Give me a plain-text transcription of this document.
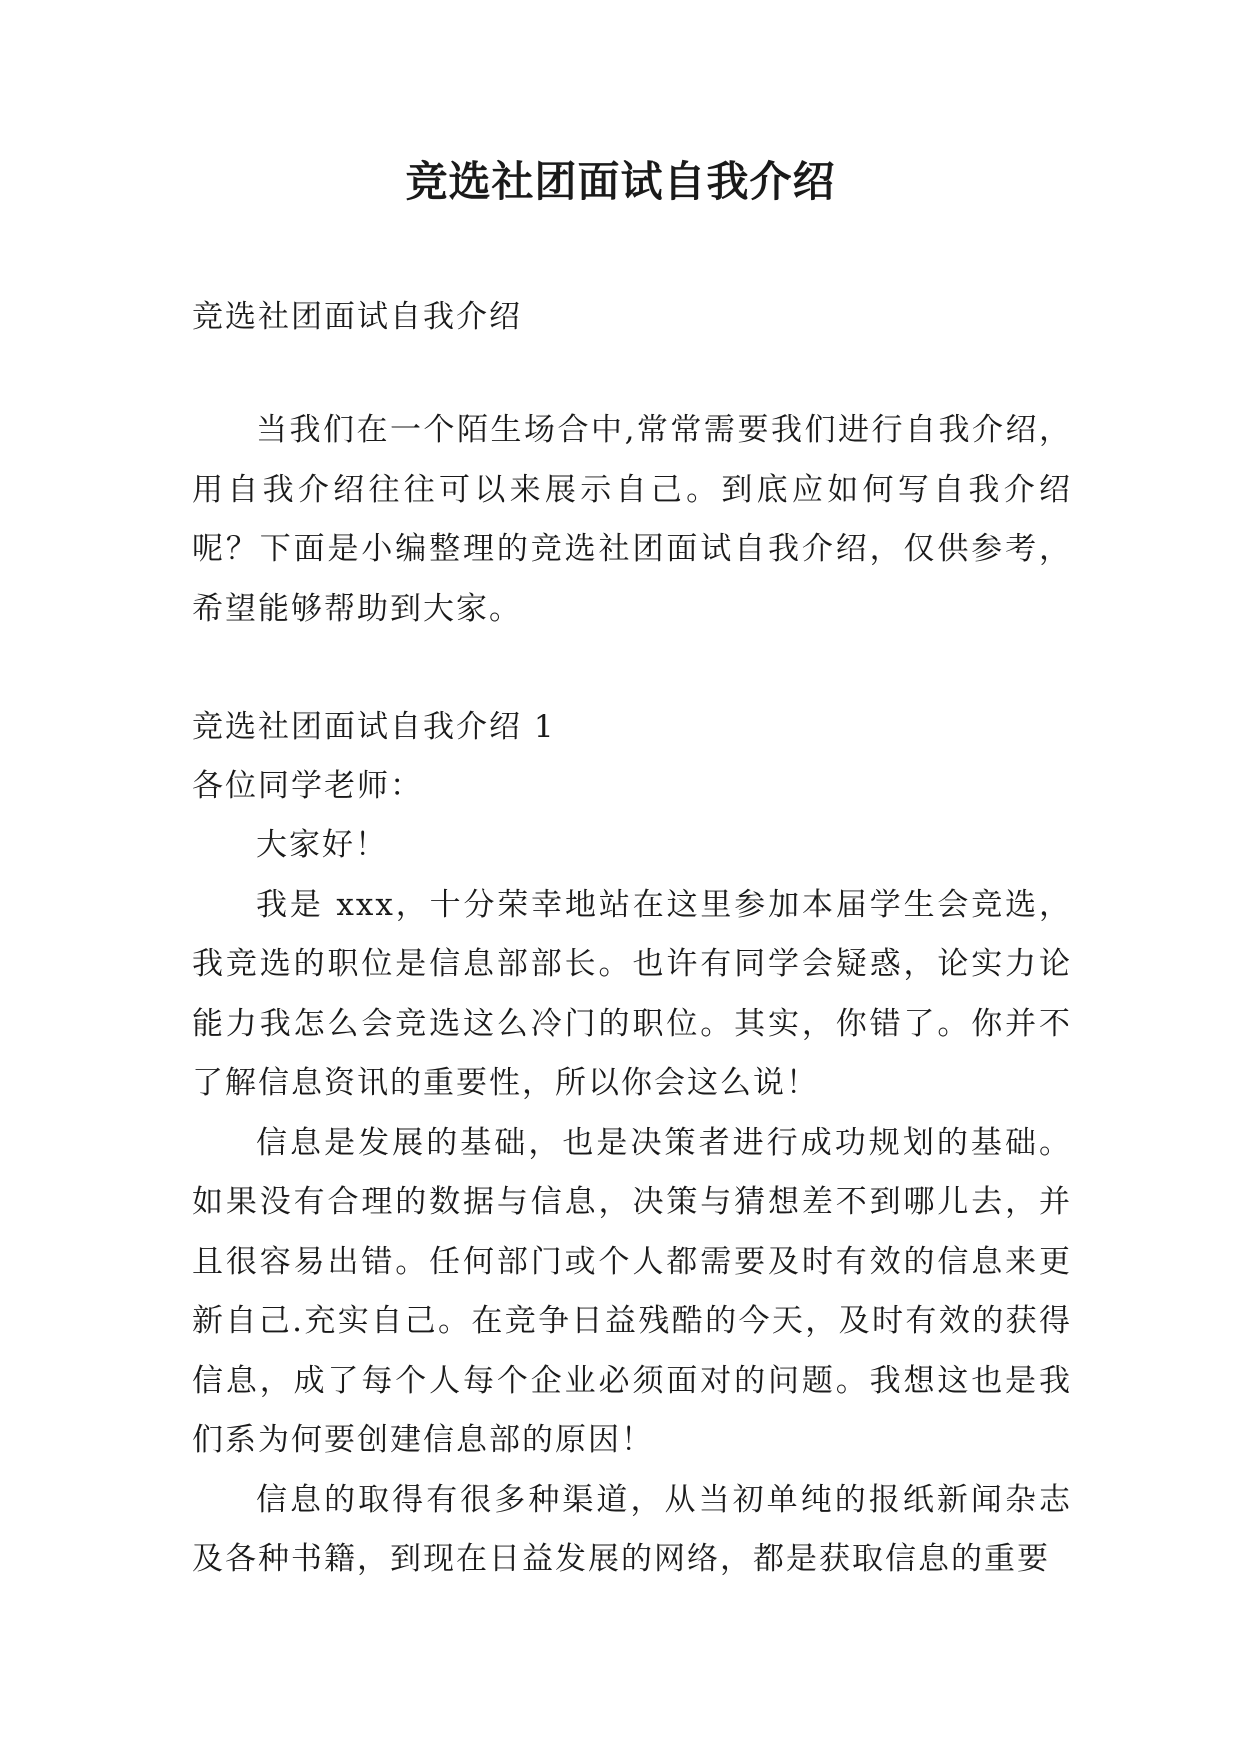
竞选社团面试自我介绍

竞选社团面试自我介绍

当我们在一个陌生场合中,常常需要我们进行自我介绍，用自我介绍往往可以来展示自己。到底应如何写自我介绍呢？下面是小编整理的竞选社团面试自我介绍，仅供参考，希望能够帮助到大家。

竞选社团面试自我介绍 1

各位同学老师：

大家好！

我是 xxx，十分荣幸地站在这里参加本届学生会竞选，我竞选的职位是信息部部长。也许有同学会疑惑，论实力论能力我怎么会竞选这么冷门的职位。其实，你错了。你并不了解信息资讯的重要性，所以你会这么说！

信息是发展的基础，也是决策者进行成功规划的基础。如果没有合理的数据与信息，决策与猜想差不到哪儿去，并且很容易出错。任何部门或个人都需要及时有效的信息来更新自己.充实自己。在竞争日益残酷的今天，及时有效的获得信息，成了每个人每个企业必须面对的问题。我想这也是我们系为何要创建信息部的原因！

信息的取得有很多种渠道，从当初单纯的报纸新闻杂志及各种书籍，到现在日益发展的网络，都是获取信息的重要
